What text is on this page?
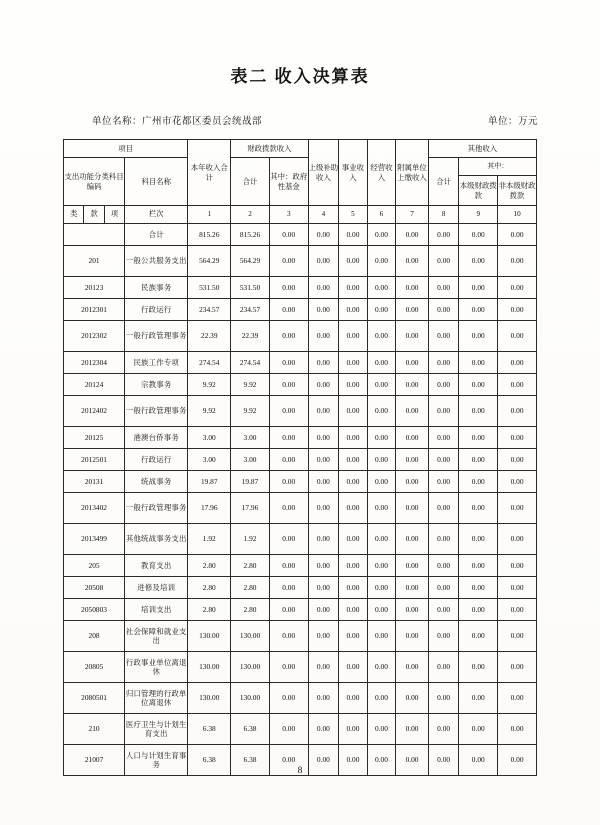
表二 收入决算表
单位名称：广州市花都区委员会统战部	单位：万元
项目				本年收入合计	财政拨款收入		上级补助收入	事业收入	经营收入	附属单位上缴收入	其他收入		
支出功能分类科目编码			科目名称		合计	其中：政府性基金					合计	其中：	
												本级财政拨款	非本级财政拨款
类	款	项	栏次	1	2	3	4	5	6	7	8	9	10
			合计	815.26	815.26	0.00	0.00	0.00	0.00	0.00	0.00	0.00	0.00
201			一般公共服务支出	564.29	564.29	0.00	0.00	0.00	0.00	0.00	0.00	0.00	0.00
20123			民族事务	531.50	531.50	0.00	0.00	0.00	0.00	0.00	0.00	0.00	0.00
2012301			行政运行	234.57	234.57	0.00	0.00	0.00	0.00	0.00	0.00	0.00	0.00
2012302			一般行政管理事务	22.39	22.39	0.00	0.00	0.00	0.00	0.00	0.00	0.00	0.00
2012304			民族工作专项	274.54	274.54	0.00	0.00	0.00	0.00	0.00	0.00	0.00	0.00
20124			宗教事务	9.92	9.92	0.00	0.00	0.00	0.00	0.00	0.00	0.00	0.00
2012402			一般行政管理事务	9.92	9.92	0.00	0.00	0.00	0.00	0.00	0.00	0.00	0.00
20125			港澳台侨事务	3.00	3.00	0.00	0.00	0.00	0.00	0.00	0.00	0.00	0.00
2012501			行政运行	3.00	3.00	0.00	0.00	0.00	0.00	0.00	0.00	0.00	0.00
20131			统战事务	19.87	19.87	0.00	0.00	0.00	0.00	0.00	0.00	0.00	0.00
2013402			一般行政管理事务	17.96	17.96	0.00	0.00	0.00	0.00	0.00	0.00	0.00	0.00
2013499			其他统战事务支出	1.92	1.92	0.00	0.00	0.00	0.00	0.00	0.00	0.00	0.00
205			教育支出	2.80	2.80	0.00	0.00	0.00	0.00	0.00	0.00	0.00	0.00
20508			进修及培训	2.80	2.80	0.00	0.00	0.00	0.00	0.00	0.00	0.00	0.00
2050803			培训支出	2.80	2.80	0.00	0.00	0.00	0.00	0.00	0.00	0.00	0.00
208			社会保障和就业支出	130.00	130.00	0.00	0.00	0.00	0.00	0.00	0.00	0.00	0.00
20805			行政事业单位离退休	130.00	130.00	0.00	0.00	0.00	0.00	0.00	0.00	0.00	0.00
2080501			归口管理的行政单位离退休	130.00	130.00	0.00	0.00	0.00	0.00	0.00	0.00	0.00	0.00
210			医疗卫生与计划生育支出	6.38	6.38	0.00	0.00	0.00	0.00	0.00	0.00	0.00	0.00
21007			人口与计划生育事务	6.38	6.38	0.00	0.00	0.00	0.00	0.00	0.00	0.00	0.00
8
